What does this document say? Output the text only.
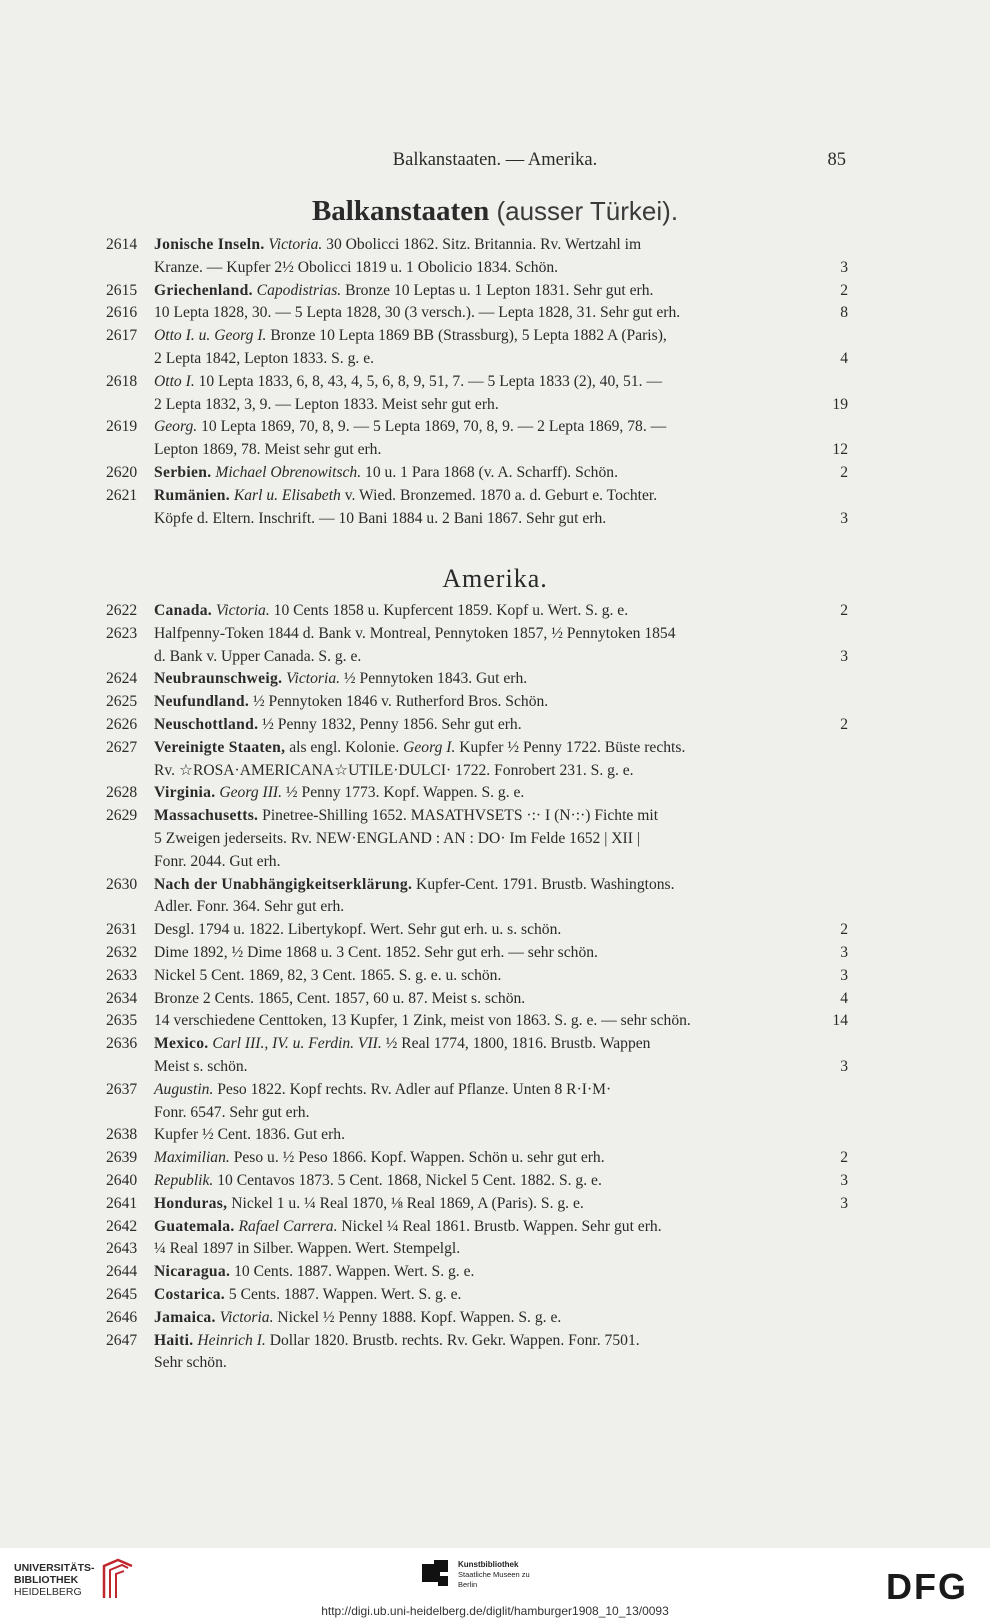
Balkanstaaten. — Amerika.	85
Balkanstaaten (ausser Türkei).
2614	Jonische Inseln. Victoria. 30 Obolicci 1862. Sitz. Britannia. Rv. Wertzahl im
Kranze. — Kupfer 2½ Obolicci 1819 u. 1 Obolicio 1834. Schön.	3
2615	Griechenland. Capodistrias. Bronze 10 Leptas u. 1 Lepton 1831. Sehr gut erh.	2
2616	10 Lepta 1828, 30. — 5 Lepta 1828, 30 (3 versch.). — Lepta 1828, 31. Sehr gut erh.	8
2617	Otto I. u. Georg I. Bronze 10 Lepta 1869 BB (Strassburg), 5 Lepta 1882 A (Paris),
2 Lepta 1842, Lepton 1833. S. g. e.	4
2618	Otto I. 10 Lepta 1833, 6, 8, 43, 4, 5, 6, 8, 9, 51, 7. — 5 Lepta 1833 (2), 40, 51. —
2 Lepta 1832, 3, 9. — Lepton 1833. Meist sehr gut erh.	19
2619	Georg. 10 Lepta 1869, 70, 8, 9. — 5 Lepta 1869, 70, 8, 9. — 2 Lepta 1869, 78. —
Lepton 1869, 78. Meist sehr gut erh.	12
2620	Serbien. Michael Obrenowitsch. 10 u. 1 Para 1868 (v. A. Scharff). Schön.	2
2621	Rumänien. Karl u. Elisabeth v. Wied. Bronzemed. 1870 a. d. Geburt e. Tochter.
Köpfe d. Eltern. Inschrift. — 10 Bani 1884 u. 2 Bani 1867. Sehr gut erh.	3
Amerika.
2622	Canada. Victoria. 10 Cents 1858 u. Kupfercent 1859. Kopf u. Wert. S. g. e.	2
2623	Halfpenny-Token 1844 d. Bank v. Montreal, Pennytoken 1857, ½ Pennytoken 1854
d. Bank v. Upper Canada. S. g. e.	3
2624	Neubraunschweig. Victoria. ½ Pennytoken 1843. Gut erh.
2625	Neufundland. ½ Pennytoken 1846 v. Rutherford Bros. Schön.
2626	Neuschottland. ½ Penny 1832, Penny 1856. Sehr gut erh.	2
2627	Vereinigte Staaten, als engl. Kolonie. Georg I. Kupfer ½ Penny 1722. Büste rechts.
Rv. ☆ROSA·AMERICANA☆UTILE·DULCI· 1722. Fonrobert 231. S. g. e.
2628	Virginia. Georg III. ½ Penny 1773. Kopf. Wappen. S. g. e.
2629	Massachusetts. Pinetree-Shilling 1652. MASATHVSETS ·:· I (N·:·) Fichte mit
5 Zweigen jederseits. Rv. NEW·ENGLAND : AN : DO· Im Felde 1652 | XII |
Fonr. 2044. Gut erh.
2630	Nach der Unabhängigkeitserklärung. Kupfer-Cent. 1791. Brustb. Washingtons.
Adler. Fonr. 364. Sehr gut erh.
2631	Desgl. 1794 u. 1822. Libertykopf. Wert. Sehr gut erh. u. s. schön.	2
2632	Dime 1892, ½ Dime 1868 u. 3 Cent. 1852. Sehr gut erh. — sehr schön.	3
2633	Nickel 5 Cent. 1869, 82, 3 Cent. 1865. S. g. e. u. schön.	3
2634	Bronze 2 Cents. 1865, Cent. 1857, 60 u. 87. Meist s. schön.	4
2635	14 verschiedene Centtoken, 13 Kupfer, 1 Zink, meist von 1863. S. g. e. — sehr schön.	14
2636	Mexico. Carl III., IV. u. Ferdin. VII. ½ Real 1774, 1800, 1816. Brustb. Wappen
Meist s. schön.	3
2637	Augustin. Peso 1822. Kopf rechts. Rv. Adler auf Pflanze. Unten 8 R·I·M·
Fonr. 6547. Sehr gut erh.
2638	Kupfer ½ Cent. 1836. Gut erh.
2639	Maximilian. Peso u. ½ Peso 1866. Kopf. Wappen. Schön u. sehr gut erh.	2
2640	Republik. 10 Centavos 1873. 5 Cent. 1868, Nickel 5 Cent. 1882. S. g. e.	3
2641	Honduras, Nickel 1 u. ¼ Real 1870, ⅛ Real 1869, A (Paris). S. g. e.	3
2642	Guatemala. Rafael Carrera. Nickel ¼ Real 1861. Brustb. Wappen. Sehr gut erh.
2643	¼ Real 1897 in Silber. Wappen. Wert. Stempelgl.
2644	Nicaragua. 10 Cents. 1887. Wappen. Wert. S. g. e.
2645	Costarica. 5 Cents. 1887. Wappen. Wert. S. g. e.
2646	Jamaica. Victoria. Nickel ½ Penny 1888. Kopf. Wappen. S. g. e.
2647	Haiti. Heinrich I. Dollar 1820. Brustb. rechts. Rv. Gekr. Wappen. Fonr. 7501.
Sehr schön.
UNIVERSITÄTS-
BIBLIOTHEK
HEIDELBERG
Kunstbibliothek
Staatliche Museen zu Berlin	DFG
http://digi.ub.uni-heidelberg.de/diglit/hamburger1908_10_13/0093
